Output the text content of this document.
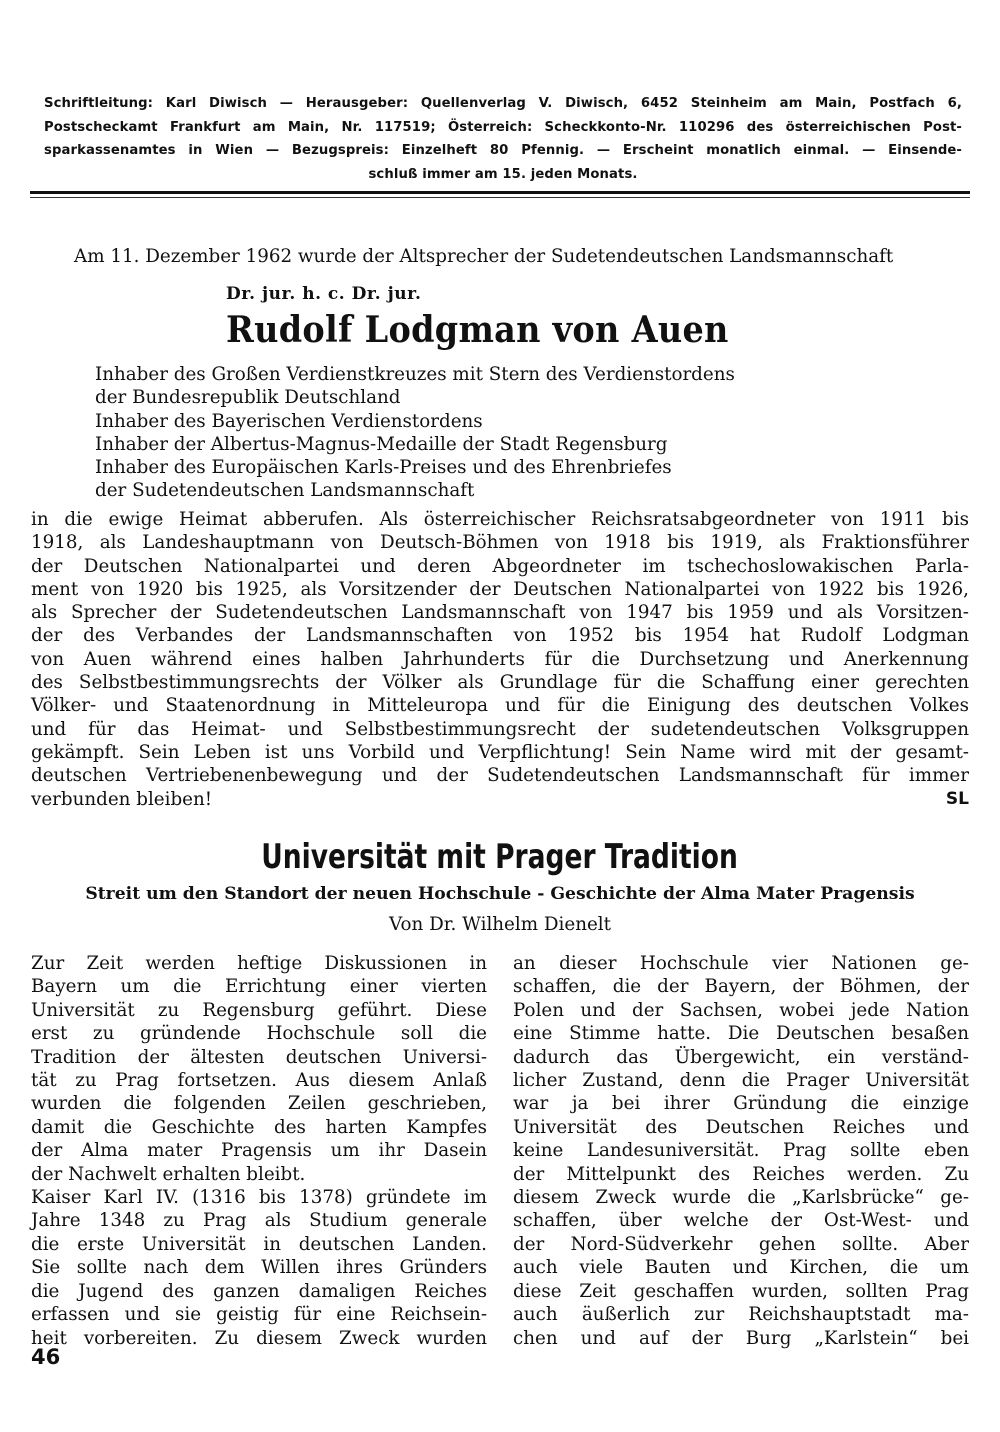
Schriftleitung: Karl Diwisch — Herausgeber: Quellenverlag V. Diwisch, 6452 Steinheim am Main, Postfach 6,
Postscheckamt Frankfurt am Main, Nr. 117519; Österreich: Scheckkonto-Nr. 110296 des österreichischen Post-
sparkassenamtes in Wien — Bezugspreis: Einzelheft 80 Pfennig. — Erscheint monatlich einmal. — Einsende-
schluß immer am 15. jeden Monats.
Am 11. Dezember 1962 wurde der Altsprecher der Sudetendeutschen Landsmannschaft
Dr. jur. h. c. Dr. jur.
Rudolf Lodgman von Auen
Inhaber des Großen Verdienstkreuzes mit Stern des Verdienstordens
der Bundesrepublik Deutschland
Inhaber des Bayerischen Verdienstordens
Inhaber der Albertus-Magnus-Medaille der Stadt Regensburg
Inhaber des Europäischen Karls-Preises und des Ehrenbriefes
der Sudetendeutschen Landsmannschaft
in die ewige Heimat abberufen. Als österreichischer Reichsratsabgeordneter von 1911 bis
1918, als Landeshauptmann von Deutsch-Böhmen von 1918 bis 1919, als Fraktionsführer
der Deutschen Nationalpartei und deren Abgeordneter im tschechoslowakischen Parla-
ment von 1920 bis 1925, als Vorsitzender der Deutschen Nationalpartei von 1922 bis 1926,
als Sprecher der Sudetendeutschen Landsmannschaft von 1947 bis 1959 und als Vorsitzen-
der des Verbandes der Landsmannschaften von 1952 bis 1954 hat Rudolf Lodgman
von Auen während eines halben Jahrhunderts für die Durchsetzung und Anerkennung
des Selbstbestimmungsrechts der Völker als Grundlage für die Schaffung einer gerechten
Völker- und Staatenordnung in Mitteleuropa und für die Einigung des deutschen Volkes
und für das Heimat- und Selbstbestimmungsrecht der sudetendeutschen Volksgruppen
gekämpft. Sein Leben ist uns Vorbild und Verpflichtung! Sein Name wird mit der gesamt-
deutschen Vertriebenenbewegung und der Sudetendeutschen Landsmannschaft für immer
verbunden bleiben!	SL
Universität mit Prager Tradition
Streit um den Standort der neuen Hochschule - Geschichte der Alma Mater Pragensis
Von Dr. Wilhelm Dienelt
Zur Zeit werden heftige Diskussionen in
Bayern um die Errichtung einer vierten
Universität zu Regensburg geführt. Diese
erst zu gründende Hochschule soll die
Tradition der ältesten deutschen Universi-
tät zu Prag fortsetzen. Aus diesem Anlaß
wurden die folgenden Zeilen geschrieben,
damit die Geschichte des harten Kampfes
der Alma mater Pragensis um ihr Dasein
der Nachwelt erhalten bleibt.
Kaiser Karl IV. (1316 bis 1378) gründete im
Jahre 1348 zu Prag als Studium generale
die erste Universität in deutschen Landen.
Sie sollte nach dem Willen ihres Gründers
die Jugend des ganzen damaligen Reiches
erfassen und sie geistig für eine Reichsein-
heit vorbereiten. Zu diesem Zweck wurden
an dieser Hochschule vier Nationen ge-
schaffen, die der Bayern, der Böhmen, der
Polen und der Sachsen, wobei jede Nation
eine Stimme hatte. Die Deutschen besaßen
dadurch das Übergewicht, ein verständ-
licher Zustand, denn die Prager Universität
war ja bei ihrer Gründung die einzige
Universität des Deutschen Reiches und
keine Landesuniversität. Prag sollte eben
der Mittelpunkt des Reiches werden. Zu
diesem Zweck wurde die „Karlsbrücke“ ge-
schaffen, über welche der Ost-West- und
der Nord-Südverkehr gehen sollte. Aber
auch viele Bauten und Kirchen, die um
diese Zeit geschaffen wurden, sollten Prag
auch äußerlich zur Reichshauptstadt ma-
chen und auf der Burg „Karlstein“ bei
46
